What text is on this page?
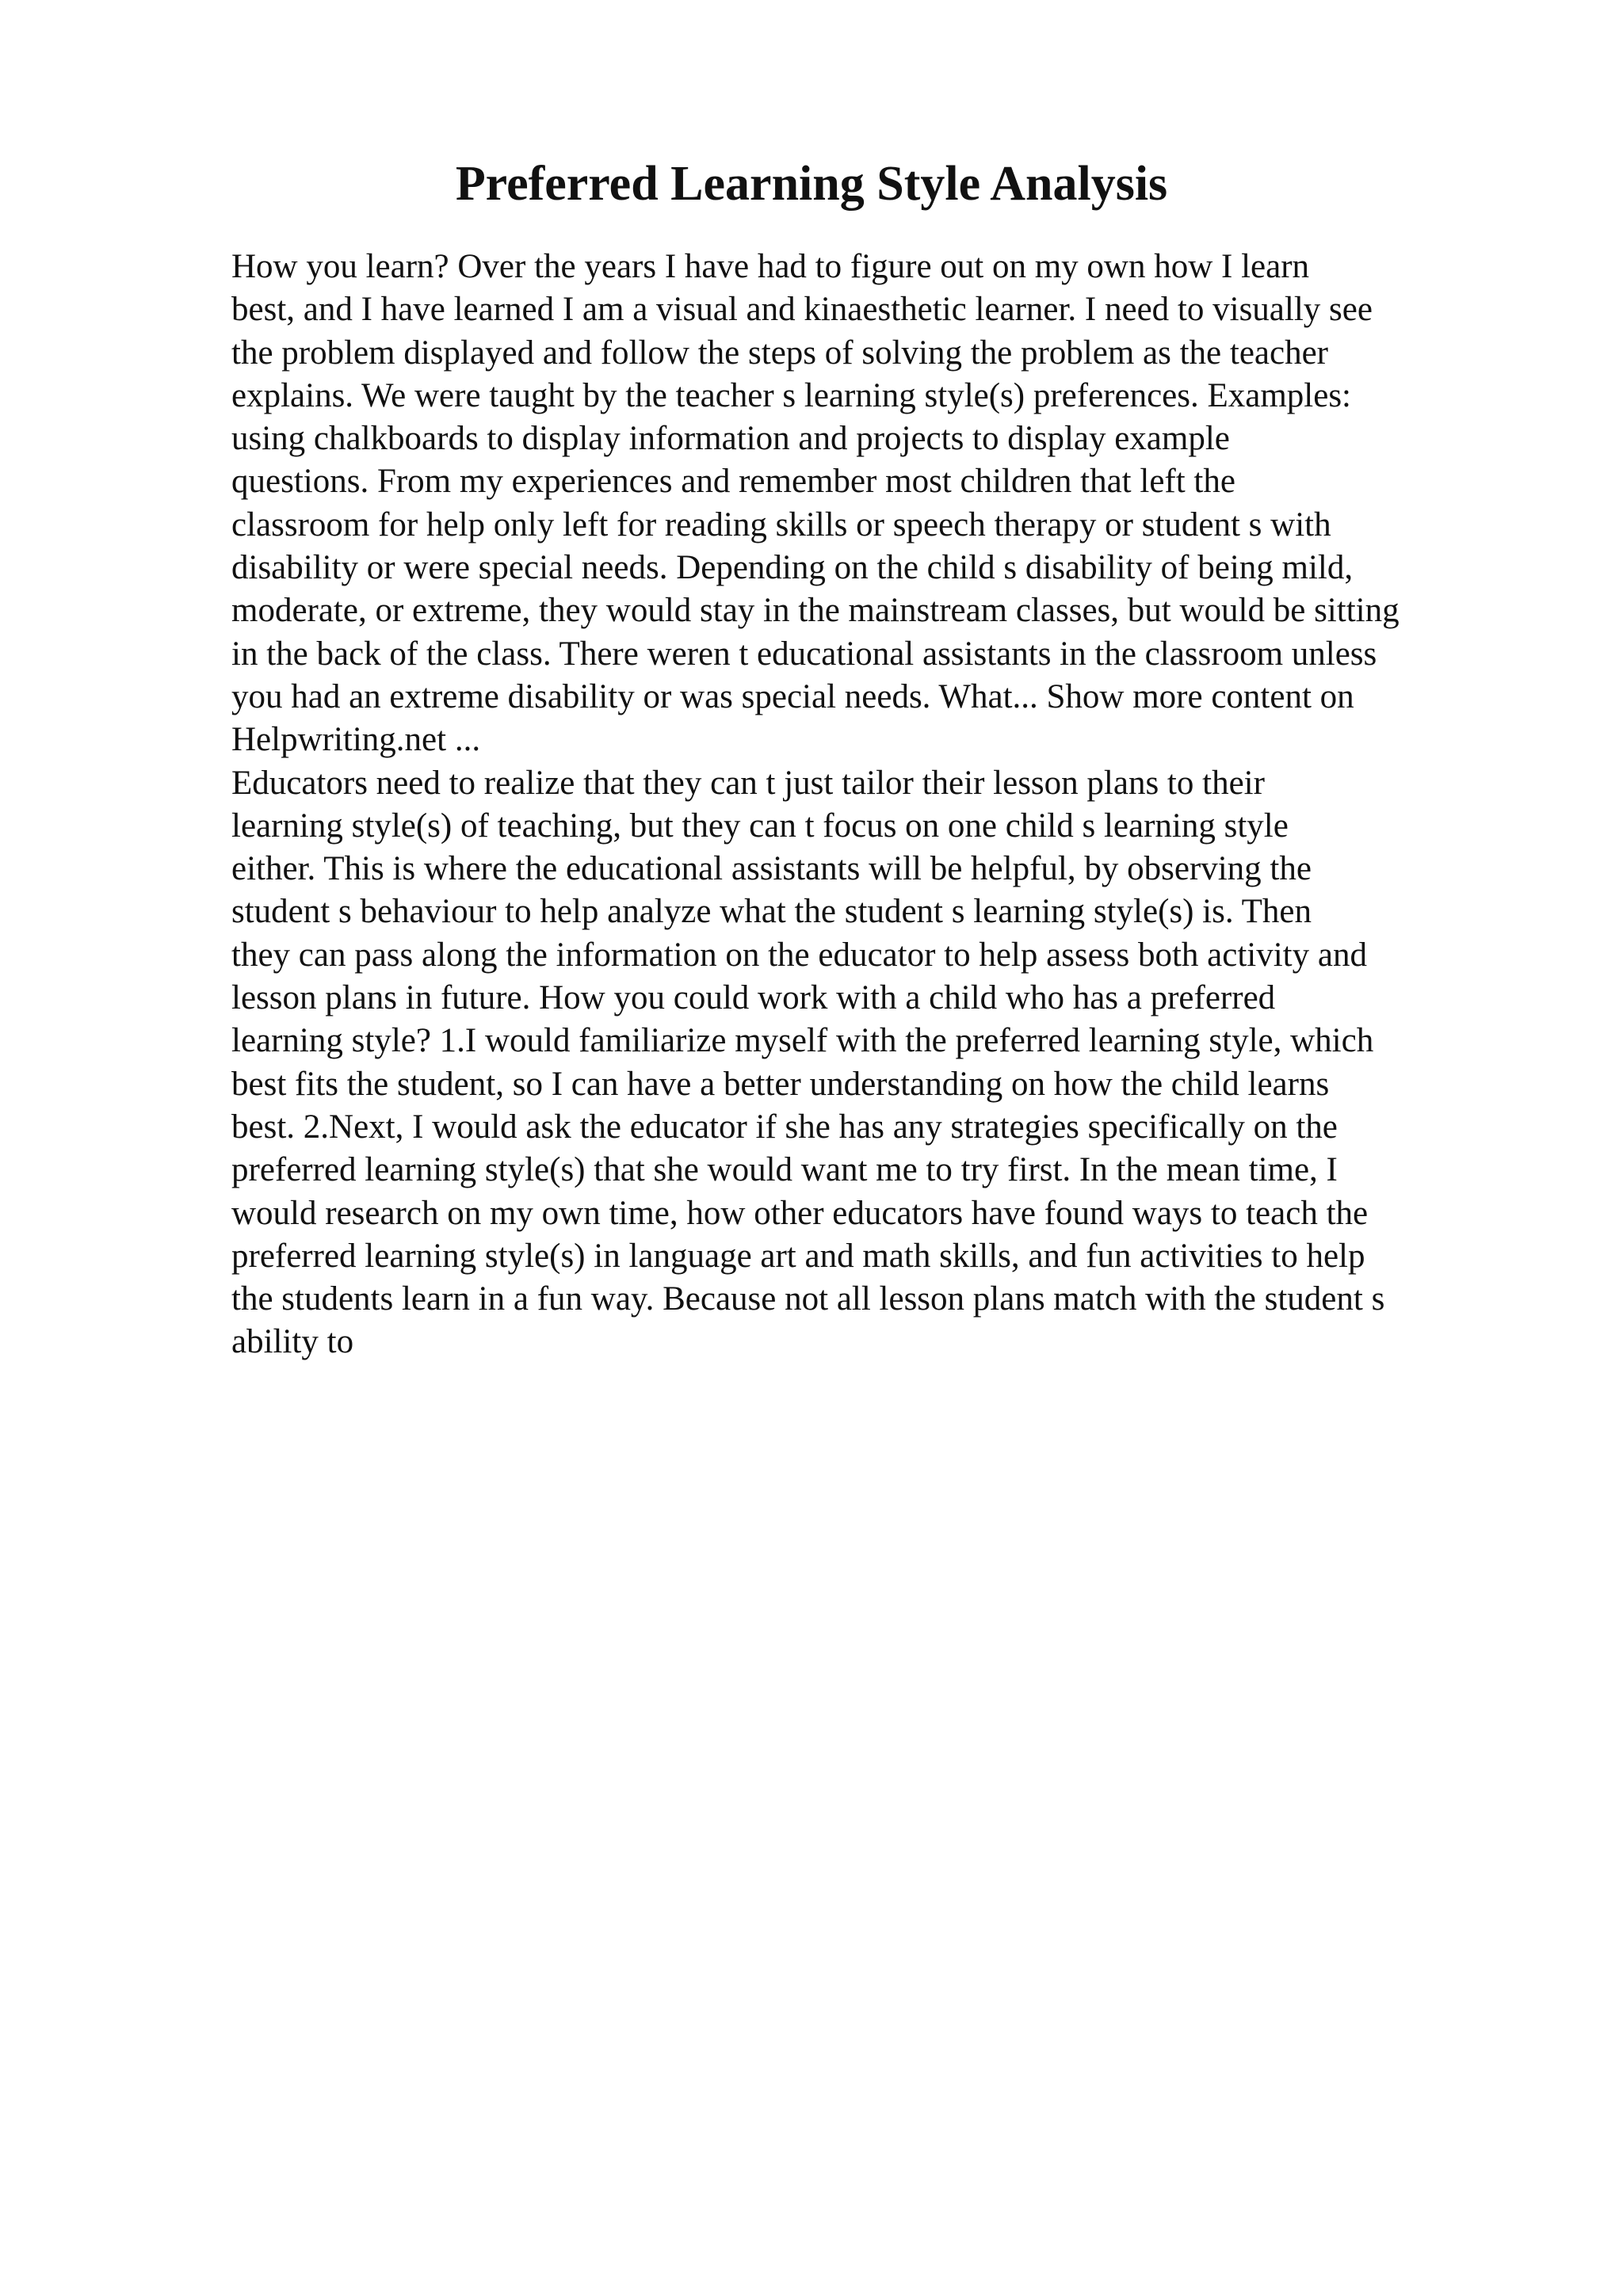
Preferred Learning Style Analysis
How you learn? Over the years I have had to figure out on my own how I learn
best, and I have learned I am a visual and kinaesthetic learner. I need to visually see
the problem displayed and follow the steps of solving the problem as the teacher
explains. We were taught by the teacher s learning style(s) preferences. Examples:
using chalkboards to display information and projects to display example
questions. From my experiences and remember most children that left the
classroom for help only left for reading skills or speech therapy or student s with
disability or were special needs. Depending on the child s disability of being mild,
moderate, or extreme, they would stay in the mainstream classes, but would be sitting
in the back of the class. There weren t educational assistants in the classroom unless
you had an extreme disability or was special needs. What... Show more content on
Helpwriting.net ...
Educators need to realize that they can t just tailor their lesson plans to their
learning style(s) of teaching, but they can t focus on one child s learning style
either. This is where the educational assistants will be helpful, by observing the
student s behaviour to help analyze what the student s learning style(s) is. Then
they can pass along the information on the educator to help assess both activity and
lesson plans in future. How you could work with a child who has a preferred
learning style? 1.I would familiarize myself with the preferred learning style, which
best fits the student, so I can have a better understanding on how the child learns
best. 2.Next, I would ask the educator if she has any strategies specifically on the
preferred learning style(s) that she would want me to try first. In the mean time, I
would research on my own time, how other educators have found ways to teach the
preferred learning style(s) in language art and math skills, and fun activities to help
the students learn in a fun way. Because not all lesson plans match with the student s
ability to
